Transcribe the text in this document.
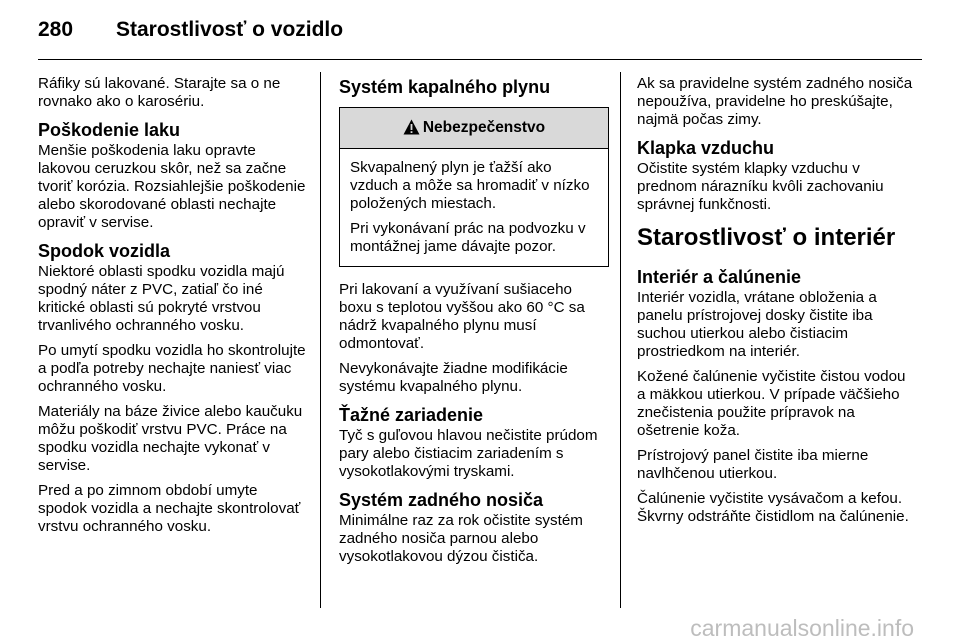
280 Starostlivosť o vozidlo

Ráfiky sú lakované. Starajte sa o ne rovnako ako o karosériu.

Poškodenie laku

Menšie poškodenia laku opravte lakovou ceruzkou skôr, než sa začne tvoriť korózia. Rozsiahlejšie poškodenie alebo skorodované oblasti nechajte opraviť v servise.

Spodok vozidla

Niektoré oblasti spodku vozidla majú spodný náter z PVC, zatiaľ čo iné kritické oblasti sú pokryté vrstvou trvanlivého ochranného vosku.

Po umytí spodku vozidla ho skontrolujte a podľa potreby nechajte naniesť viac ochranného vosku.

Materiály na báze živice alebo kaučuku môžu poškodiť vrstvu PVC. Práce na spodku vozidla nechajte vykonať v servise.

Pred a po zimnom období umyte spodok vozidla a nechajte skontrolovať vrstvu ochranného vosku.

Systém kapalného plynu
Nebezpečenstvo

Skvapalnený plyn je ťažší ako vzduch a môže sa hromadiť v nízko položených miestach.

Pri vykonávaní prác na podvozku v montážnej jame dávajte pozor.

Pri lakovaní a využívaní sušiaceho boxu s teplotou vyššou ako 60 °C sa nádrž kvapalného plynu musí odmontovať.

Nevykonávajte žiadne modifikácie systému kvapalného plynu.

Ťažné zariadenie

Tyč s guľovou hlavou nečistite prúdom pary alebo čistiacim zariadením s vysokotlakovými tryskami.

Systém zadného nosiča

Minimálne raz za rok očistite systém zadného nosiča parnou alebo vysokotlakovou dýzou čističa.

Ak sa pravidelne systém zadného nosiča nepoužíva, pravidelne ho preskúšajte, najmä počas zimy.

Klapka vzduchu

Očistite systém klapky vzduchu v prednom nárazníku kvôli zachovaniu správnej funkčnosti.

Starostlivosť o interiér
Interiér a čalúnenie

Interiér vozidla, vrátane obloženia a panelu prístrojovej dosky čistite iba suchou utierkou alebo čistiacim prostriedkom na interiér.

Kožené čalúnenie vyčistite čistou vodou a mäkkou utierkou. V prípade väčšieho znečistenia použite prípravok na ošetrenie koža.

Prístrojový panel čistite iba mierne navlhčenou utierkou.

Čalúnenie vyčistite vysávačom a kefou. Škvrny odstráňte čistidlom na čalúnenie.

carmanualsonline.info
